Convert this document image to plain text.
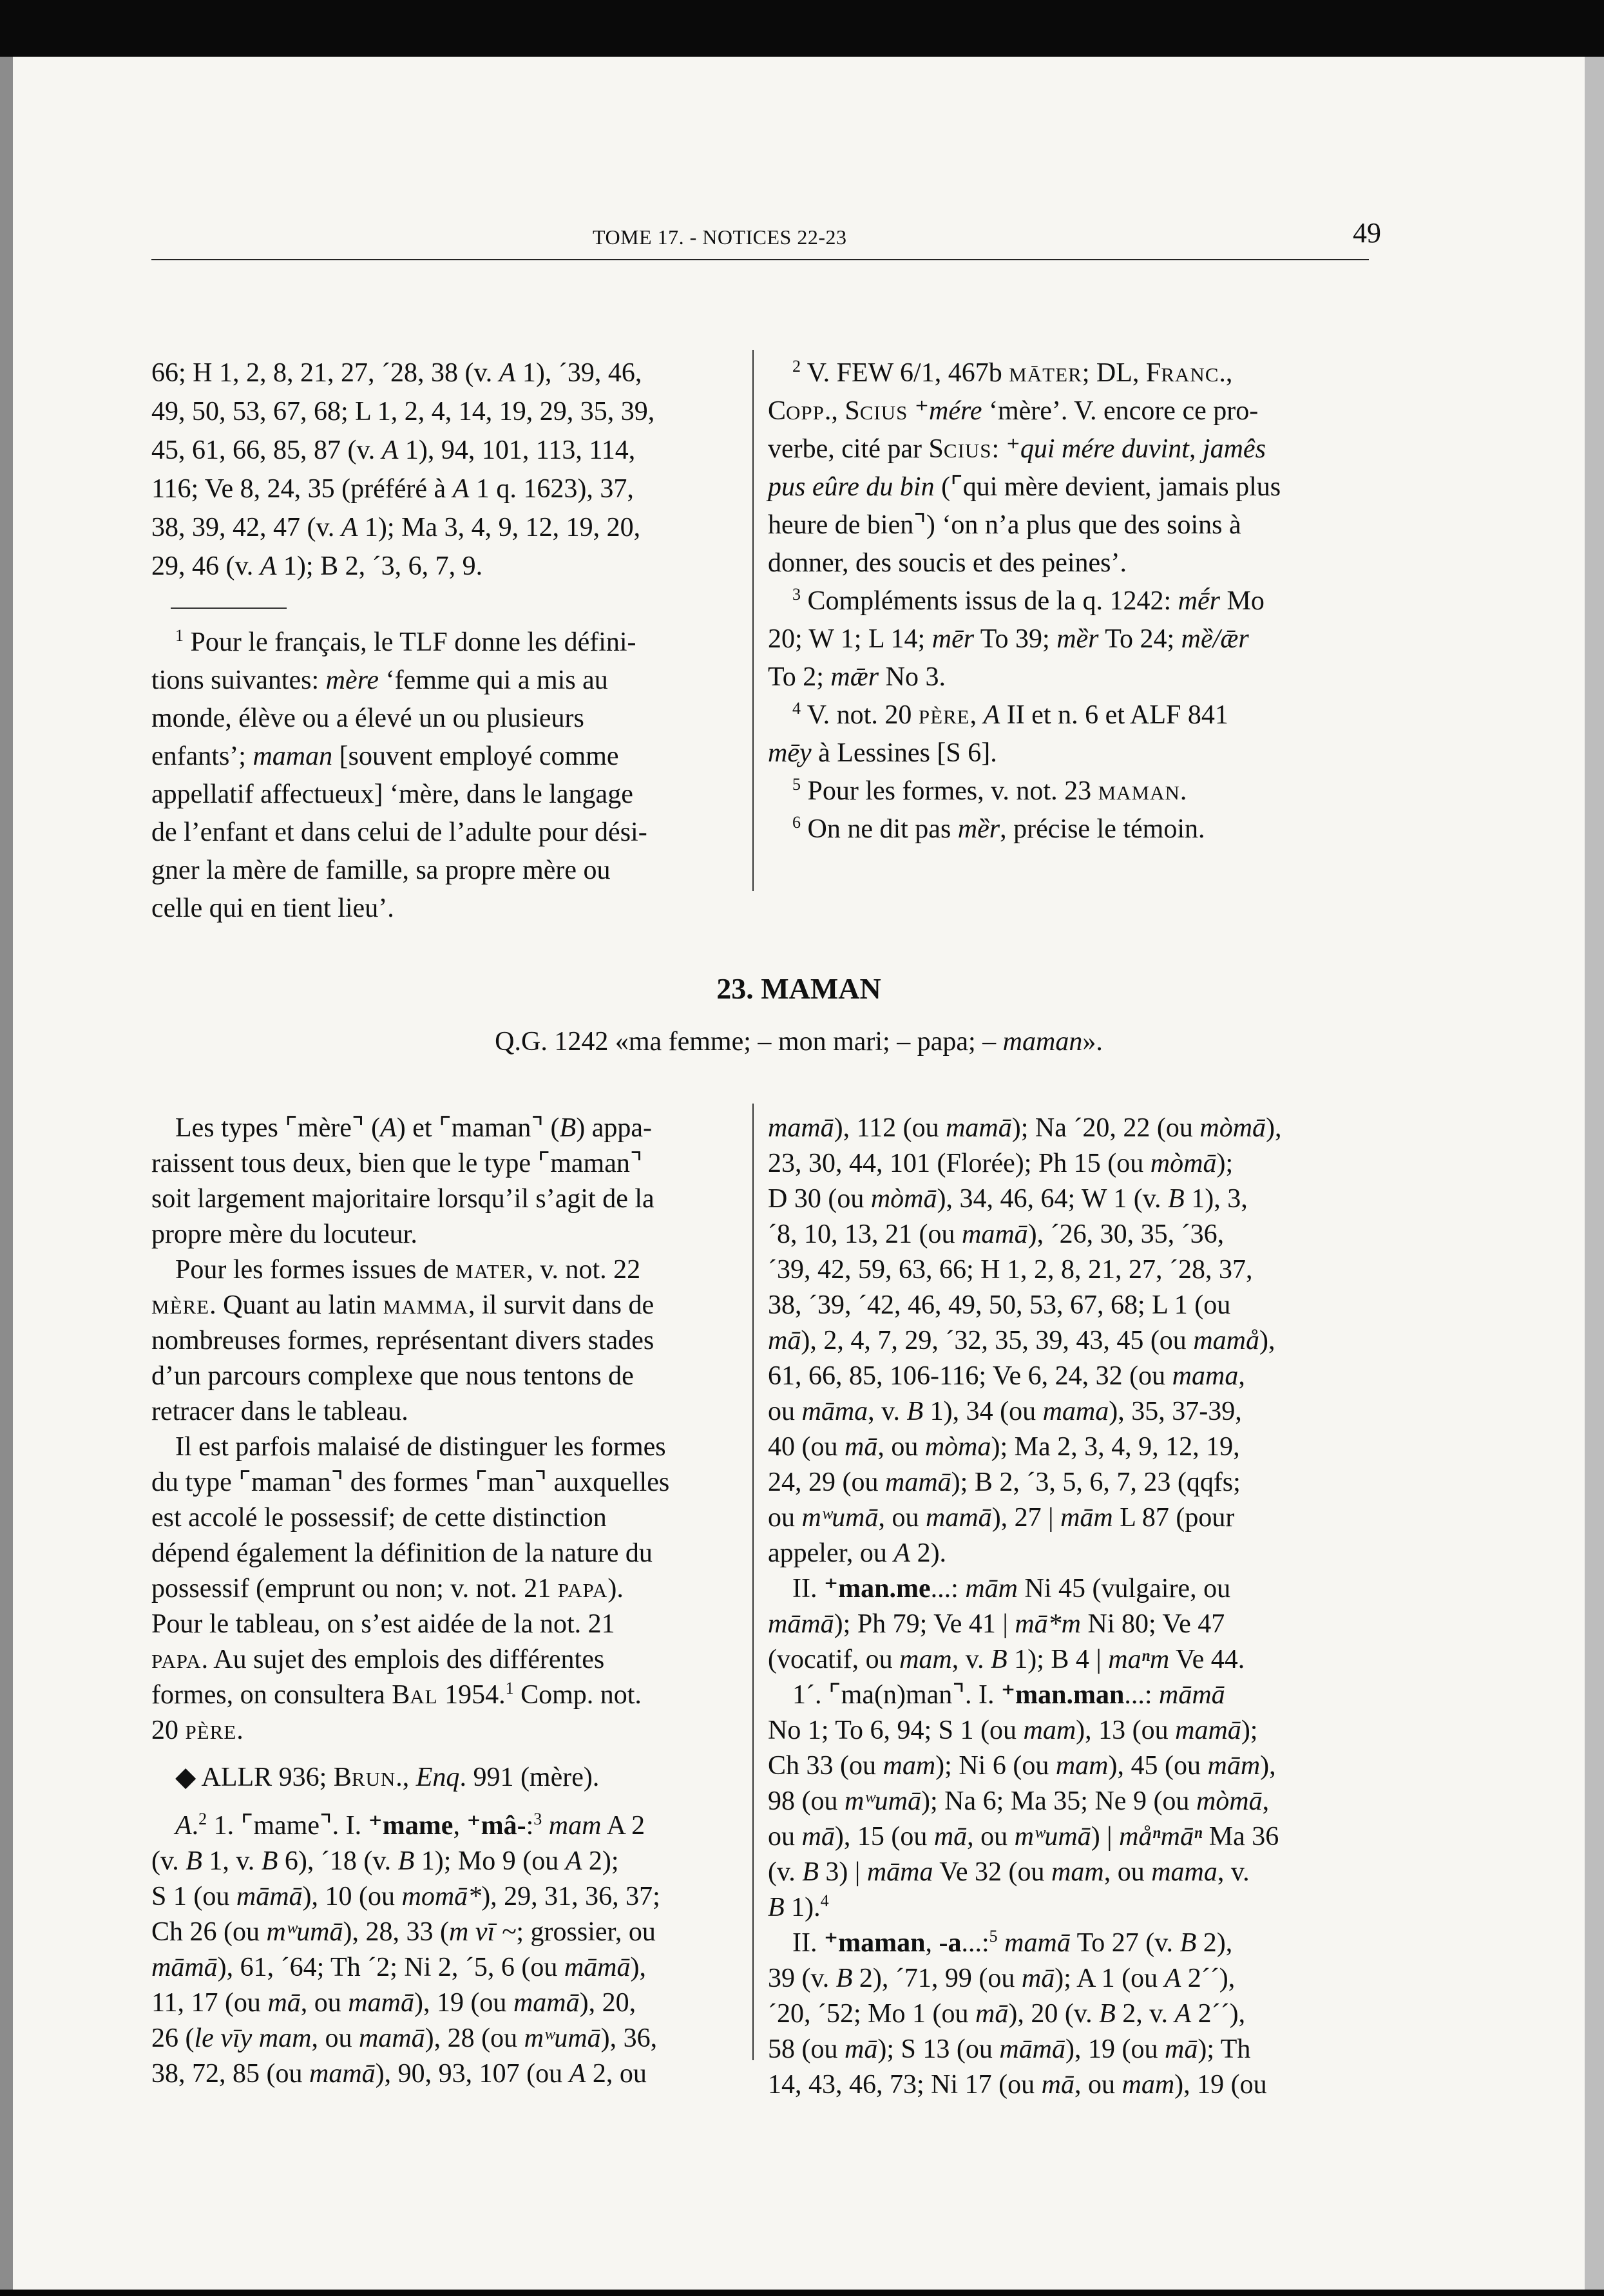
TOME 17. - NOTICES 22-23	49
66; H 1, 2, 8, 21, 27, ´28, 38 (v. A 1), ´39, 46,
49, 50, 53, 67, 68; L 1, 2, 4, 14, 19, 29, 35, 39,
45, 61, 66, 85, 87 (v. A 1), 94, 101, 113, 114,
116; Ve 8, 24, 35 (préféré à A 1 q. 1623), 37,
38, 39, 42, 47 (v. A 1); Ma 3, 4, 9, 12, 19, 20,
29, 46 (v. A 1); B 2, ´3, 6, 7, 9.
$^1$ Pour le français, le TLF donne les défini-
tions suivantes: mère ‘femme qui a mis au
monde, élève ou a élevé un ou plusieurs
enfants’; maman [souvent employé comme
appellatif affectueux] ‘mère, dans le langage
de l’enfant et dans celui de l’adulte pour dési-
gner la mère de famille, sa propre mère ou
celle qui en tient lieu’.
$^2$ V. FEW 6/1, 467b MĀTER; DL, FRANC.,
COPP., SCIUS ⁺mére ‘mère’. V. encore ce pro-
verbe, cité par SCIUS: ⁺qui mére duvint, jamês
pus eûre du bin (⌜qui mère devient, jamais plus
heure de bien⌝) ‘on n’a plus que des soins à
donner, des soucis et des peines’.
$^3$ Compléments issus de la q. 1242: mḗr Mo
20; W 1; L 14; mēr To 39; mȅr To 24; mȅ/ǣr
To 2; mǣr No 3.
$^4$ V. not. 20 PÈRE, A II et n. 6 et ALF 841
mē̜y à Lessines [S 6].
$^5$ Pour les formes, v. not. 23 MAMAN.
$^6$ On ne dit pas mȅr, précise le témoin.
23. MAMAN
Q.G. 1242 «ma femme; – mon mari; – papa; – maman».
Les types ⌜mère⌝ (A) et ⌜maman⌝ (B) appa-
raissent tous deux, bien que le type ⌜maman⌝
soit largement majoritaire lorsqu’il s’agit de la
propre mère du locuteur.
Pour les formes issues de MATER, v. not. 22
MÈRE. Quant au latin MAMMA, il survit dans de
nombreuses formes, représentant divers stades
d’un parcours complexe que nous tentons de
retracer dans le tableau.
Il est parfois malaisé de distinguer les formes
du type ⌜maman⌝ des formes ⌜man⌝ auxquelles
est accolé le possessif; de cette distinction
dépend également la définition de la nature du
possessif (emprunt ou non; v. not. 21 PAPA).
Pour le tableau, on s’est aidée de la not. 21
PAPA. Au sujet des emplois des différentes
formes, on consultera BAL 1954.$^1$ Comp. not.
20 PÈRE.
◆ ALLR 936; BRUN., Enq. 991 (mère).
A.$^2$ 1. ⌜mame⌝. I. ⁺mame, ⁺mâ-:$^3$ mam A 2
(v. B 1, v. B 6), ´18 (v. B 1); Mo 9 (ou A 2);
S 1 (ou māmā), 10 (ou momā*), 29, 31, 36, 37;
Ch 26 (ou mʷumā), 28, 33 (m vī ~; grossier, ou
māmā), 61, ´64; Th ´2; Ni 2, ´5, 6 (ou māmā),
11, 17 (ou mā, ou mamā), 19 (ou mamā), 20,
26 (le vīy mam, ou mamā), 28 (ou mʷumā), 36,
38, 72, 85 (ou mamā), 90, 93, 107 (ou A 2, ou
mamā), 112 (ou mamā); Na ´20, 22 (ou mòmā),
23, 30, 44, 101 (Florée); Ph 15 (ou mòmā);
D 30 (ou mòmā), 34, 46, 64; W 1 (v. B 1), 3,
´8, 10, 13, 21 (ou mamā), ´26, 30, 35, ´36,
´39, 42, 59, 63, 66; H 1, 2, 8, 21, 27, ´28, 37,
38, ´39, ´42, 46, 49, 50, 53, 67, 68; L 1 (ou
mā), 2, 4, 7, 29, ´32, 35, 39, 43, 45 (ou mamå),
61, 66, 85, 106-116; Ve 6, 24, 32 (ou mama,
ou māma, v. B 1), 34 (ou mama), 35, 37-39,
40 (ou mā, ou mòma); Ma 2, 3, 4, 9, 12, 19,
24, 29 (ou mamā); B 2, ´3, 5, 6, 7, 23 (qqfs;
ou mʷumā, ou mamā), 27 | mām L 87 (pour
appeler, ou A 2).
II. ⁺man.me...: mām Ni 45 (vulgaire, ou
māmā); Ph 79; Ve 41 | mā*m Ni 80; Ve 47
(vocatif, ou mam, v. B 1); B 4 | maⁿm Ve 44.
1´. ⌜ma(n)man⌝. I. ⁺man.man...: māmā
No 1; To 6, 94; S 1 (ou mam), 13 (ou mamā);
Ch 33 (ou mam); Ni 6 (ou mam), 45 (ou mām),
98 (ou mʷumā); Na 6; Ma 35; Ne 9 (ou mòmā,
ou mā), 15 (ou mā, ou mʷumā) | måⁿmāⁿ Ma 36
(v. B 3) | māma Ve 32 (ou mam, ou mama, v.
B 1).$^4$
II. ⁺maman, -a...:$^5$ mamā To 27 (v. B 2),
39 (v. B 2), ´71, 99 (ou mā); A 1 (ou A 2´´),
´20, ´52; Mo 1 (ou mā), 20 (v. B 2, v. A 2´´),
58 (ou mā); S 13 (ou māmā), 19 (ou mā); Th
14, 43, 46, 73; Ni 17 (ou mā, ou mam), 19 (ou
